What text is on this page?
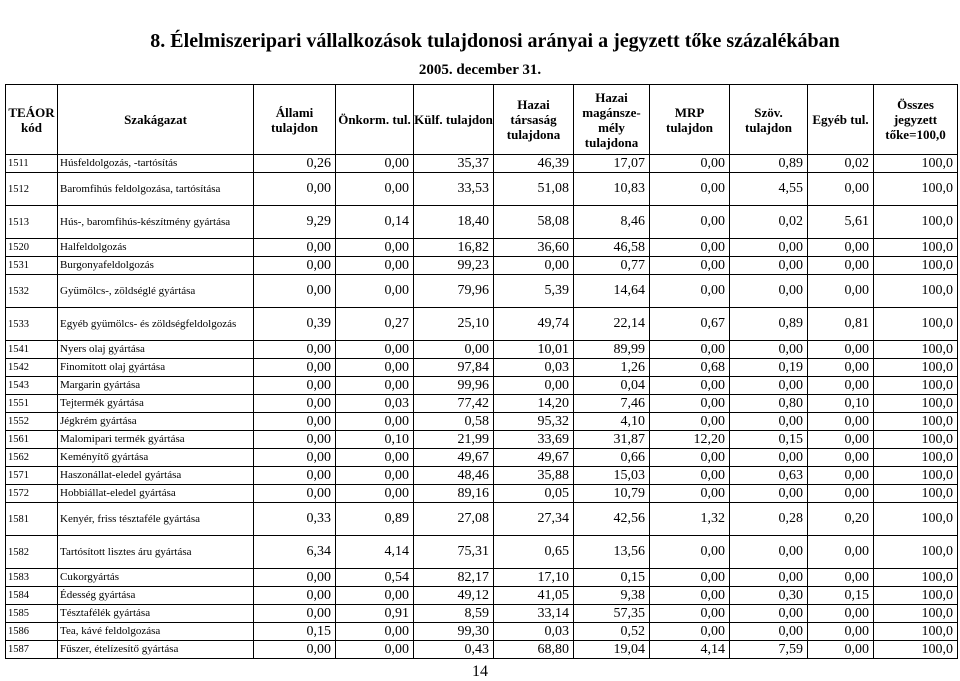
8. Élelmiszeripari vállalkozások tulajdonosi arányai a jegyzett tőke százalékában
2005. december 31.
TEÁOR kód	Szakágazat	Állami tulajdon	Önkorm. tul.	Külf. tulajdon	Hazai társaság tulajdona	Hazai magánsze-mély tulajdona	MRP tulajdon	Szöv. tulajdon	Egyéb tul.	Összes jegyzett tőke=100,0
1511	Húsfeldolgozás, -tartósítás	0,26	0,00	35,37	46,39	17,07	0,00	0,89	0,02	100,0
1512	Baromfihús feldolgozása, tartósítása	0,00	0,00	33,53	51,08	10,83	0,00	4,55	0,00	100,0
1513	Hús-, baromfihús-készítmény gyártása	9,29	0,14	18,40	58,08	8,46	0,00	0,02	5,61	100,0
1520	Halfeldolgozás	0,00	0,00	16,82	36,60	46,58	0,00	0,00	0,00	100,0
1531	Burgonyafeldolgozás	0,00	0,00	99,23	0,00	0,77	0,00	0,00	0,00	100,0
1532	Gyümölcs-, zöldséglé gyártása	0,00	0,00	79,96	5,39	14,64	0,00	0,00	0,00	100,0
1533	Egyéb gyümölcs- és zöldségfeldolgozás	0,39	0,27	25,10	49,74	22,14	0,67	0,89	0,81	100,0
1541	Nyers olaj gyártása	0,00	0,00	0,00	10,01	89,99	0,00	0,00	0,00	100,0
1542	Finomított olaj gyártása	0,00	0,00	97,84	0,03	1,26	0,68	0,19	0,00	100,0
1543	Margarin gyártása	0,00	0,00	99,96	0,00	0,04	0,00	0,00	0,00	100,0
1551	Tejtermék gyártása	0,00	0,03	77,42	14,20	7,46	0,00	0,80	0,10	100,0
1552	Jégkrém gyártása	0,00	0,00	0,58	95,32	4,10	0,00	0,00	0,00	100,0
1561	Malomipari termék gyártása	0,00	0,10	21,99	33,69	31,87	12,20	0,15	0,00	100,0
1562	Keményítő gyártása	0,00	0,00	49,67	49,67	0,66	0,00	0,00	0,00	100,0
1571	Haszonállat-eledel gyártása	0,00	0,00	48,46	35,88	15,03	0,00	0,63	0,00	100,0
1572	Hobbiállat-eledel gyártása	0,00	0,00	89,16	0,05	10,79	0,00	0,00	0,00	100,0
1581	Kenyér, friss tésztaféle gyártása	0,33	0,89	27,08	27,34	42,56	1,32	0,28	0,20	100,0
1582	Tartósított lisztes áru gyártása	6,34	4,14	75,31	0,65	13,56	0,00	0,00	0,00	100,0
1583	Cukorgyártás	0,00	0,54	82,17	17,10	0,15	0,00	0,00	0,00	100,0
1584	Édesség gyártása	0,00	0,00	49,12	41,05	9,38	0,00	0,30	0,15	100,0
1585	Tésztafélék gyártása	0,00	0,91	8,59	33,14	57,35	0,00	0,00	0,00	100,0
1586	Tea, kávé feldolgozása	0,15	0,00	99,30	0,03	0,52	0,00	0,00	0,00	100,0
1587	Fűszer, ételízesítő gyártása	0,00	0,00	0,43	68,80	19,04	4,14	7,59	0,00	100,0
14
